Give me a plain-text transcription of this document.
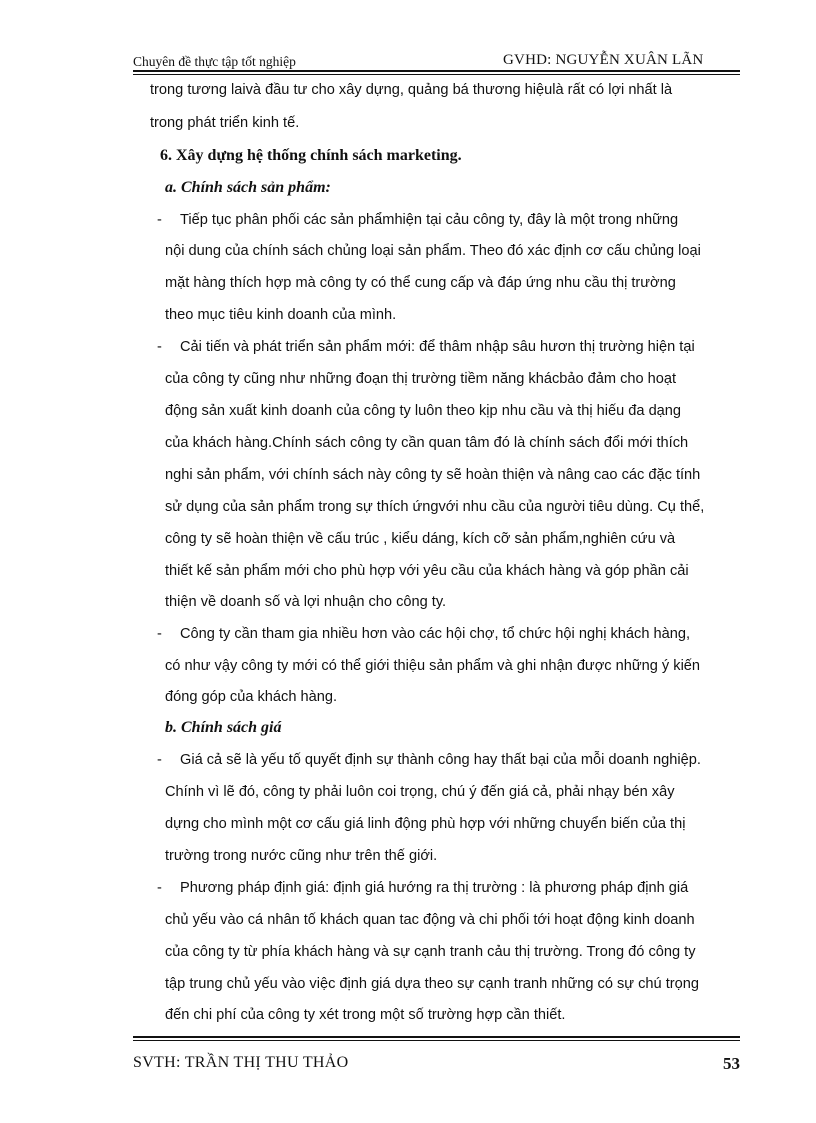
Chuyên đề thực tập tốt nghiệp	GVHD: NGUYỄN XUÂN LÃN
trong tương laivà đầu tư cho xây dựng, quảng bá thương hiệulà rất có lợi nhất là
trong phát triển kinh tế.
6. Xây dựng hệ thống chính sách marketing.
a. Chính sách sản phẩm:
- Tiếp tục phân phối các sản phẩmhiện tại cảu công ty, đây là một trong những
nội dung của chính sách chủng loại sản phẩm. Theo đó xác định cơ cấu chủng loại
mặt hàng thích hợp mà công ty có thể cung cấp và đáp ứng nhu cầu thị trường
theo mục tiêu kinh doanh của mình.
- Cải tiến và phát triển sản phẩm mới: để thâm nhập sâu hươn thị trường hiện tại
của công ty cũng như những đoạn thị trường tiềm năng khácbảo đảm cho hoạt
động sản xuất kinh doanh của công ty luôn theo kịp nhu cầu và thị hiếu đa dạng
của khách hàng.Chính sách công ty cần quan tâm đó là chính sách đổi mới thích
nghi sản phẩm, với chính sách này công ty sẽ hoàn thiện và nâng cao các đặc tính
sử dụng của sản phẩm trong sự thích ứngvới nhu cầu của người tiêu dùng. Cụ thể,
công ty sẽ hoàn thiện về cấu trúc , kiểu dáng, kích cỡ sản phẩm,nghiên cứu và
thiết kế sản phẩm mới cho phù hợp với yêu cầu của khách hàng và góp phần cải
thiện về doanh số và lợi nhuận cho công ty.
- Công ty cần tham gia nhiều hơn vào các hội chợ, tổ chức hội nghị khách hàng,
có như vậy công ty mới có thể giới thiệu sản phẩm và ghi nhận được những ý kiến
đóng góp của khách hàng.
b. Chính sách giá
- Giá cả sẽ là yếu tố quyết định sự thành công hay thất bại của mỗi doanh nghiệp.
Chính vì lẽ đó, công ty phải luôn coi trọng, chú ý đến giá cả, phải nhạy bén xây
dựng cho mình một cơ cấu giá linh động phù hợp với những chuyển biến của thị
trường trong nước cũng như trên thế giới.
- Phương pháp định giá: định giá hướng ra thị trường : là phương pháp định giá
chủ yếu vào cá nhân tố khách quan tac động và chi phối tới hoạt động kinh doanh
của công ty từ phía khách hàng và sự cạnh tranh cảu thị trường. Trong đó công ty
tập trung chủ yếu vào việc định giá dựa theo sự cạnh tranh những có sự chú trọng
đến chi phí của công ty xét trong một số trường hợp cần thiết.
SVTH: TRẦN THỊ THU THẢO	53
